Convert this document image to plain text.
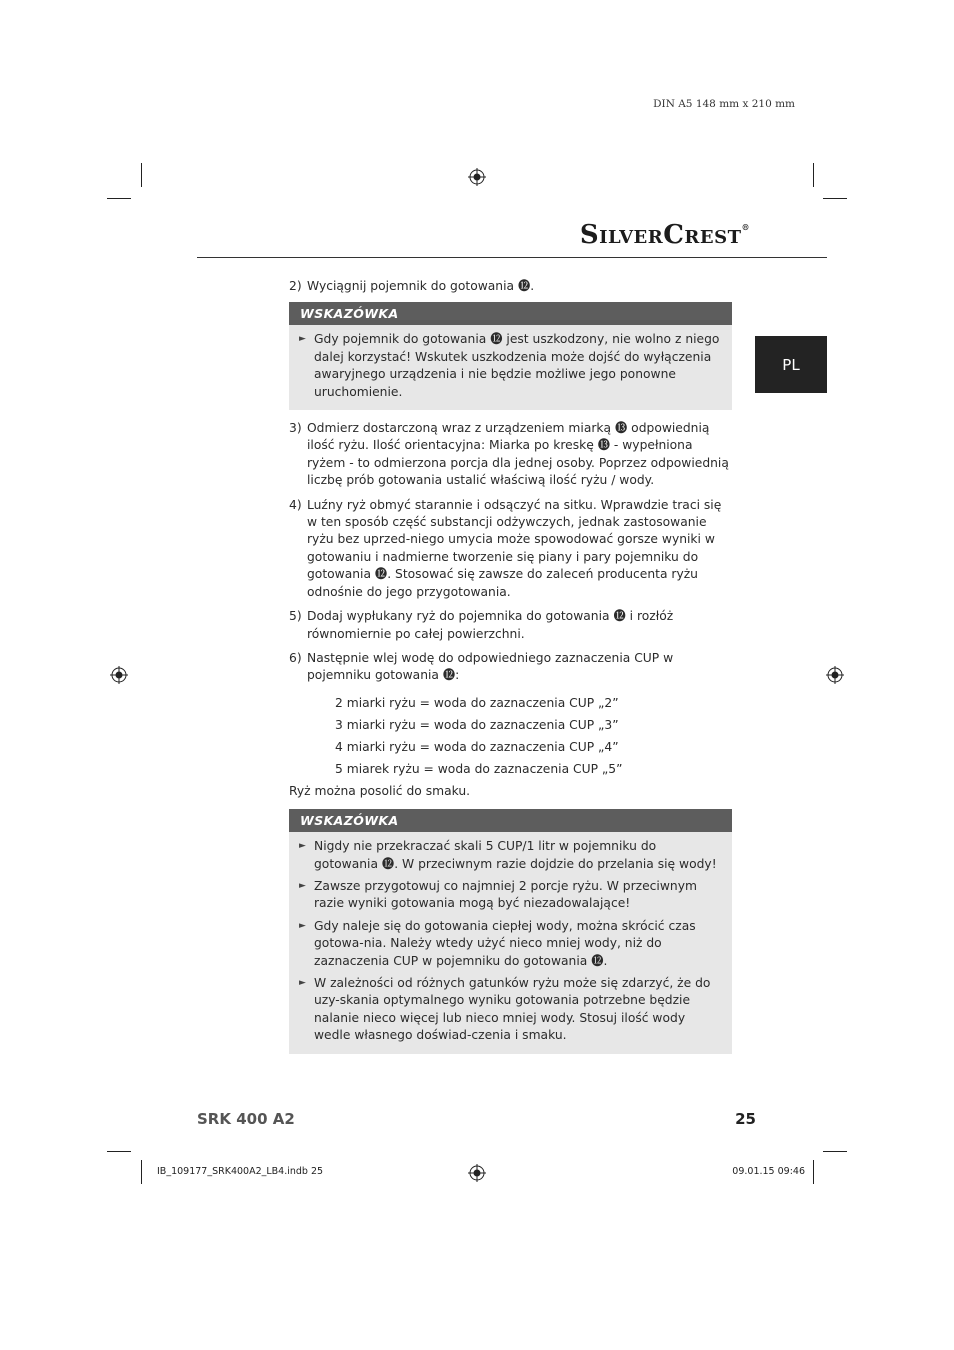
DIN A5 148 mm x 210 mm
SILVERCREST®
PL
2) Wyciągnij pojemnik do gotowania ⓬.
WSKAZÓWKA
► Gdy pojemnik do gotowania ⓬ jest uszkodzony, nie wolno z niego dalej korzystać! Wskutek uszkodzenia może dojść do wyłączenia awaryjnego urządzenia i nie będzie możliwe jego ponowne uruchomienie.
3) Odmierz dostarczoną wraz z urządzeniem miarką ⓭ odpowiednią ilość ryżu. Ilość orientacyjna: Miarka po kreskę ⓭ - wypełniona ryżem - to odmierzona porcja dla jednej osoby. Poprzez odpowiednią liczbę prób gotowania ustalić właściwą ilość ryżu / wody.
4) Luźny ryż obmyć starannie i odsączyć na sitku. Wprawdzie traci się w ten sposób część substancji odżywczych, jednak zastosowanie ryżu bez uprzed-niego umycia może spowodować gorsze wyniki w gotowaniu i nadmierne tworzenie się piany i pary pojemniku do gotowania ⓬. Stosować się zawsze do zaleceń producenta ryżu odnośnie do jego przygotowania.
5) Dodaj wypłukany ryż do pojemnika do gotowania ⓬ i rozłóż równomiernie po całej powierzchni.
6) Następnie wlej wodę do odpowiedniego zaznaczenia CUP w pojemniku gotowania ⓬:
2 miarki ryżu = woda do zaznaczenia CUP „2”
3 miarki ryżu = woda do zaznaczenia CUP „3”
4 miarki ryżu = woda do zaznaczenia CUP „4”
5 miarek ryżu = woda do zaznaczenia CUP „5”
Ryż można posolić do smaku.
WSKAZÓWKA
► Nigdy nie przekraczać skali 5 CUP/1 litr w pojemniku do gotowania ⓬. W przeciwnym razie dojdzie do przelania się wody!
► Zawsze przygotowuj co najmniej 2 porcje ryżu. W przeciwnym razie wyniki gotowania mogą być niezadowalające!
► Gdy naleje się do gotowania ciepłej wody, można skrócić czas gotowa-nia. Należy wtedy użyć nieco mniej wody, niż do zaznaczenia CUP w pojemniku do gotowania ⓬.
► W zależności od różnych gatunków ryżu może się zdarzyć, że do uzy-skania optymalnego wyniku gotowania potrzebne będzie nalanie nieco więcej lub nieco mniej wody. Stosuj ilość wody wedle własnego doświad-czenia i smaku.
SRK 400 A2	25
IB_109177_SRK400A2_LB4.indb 25	09.01.15 09:46
